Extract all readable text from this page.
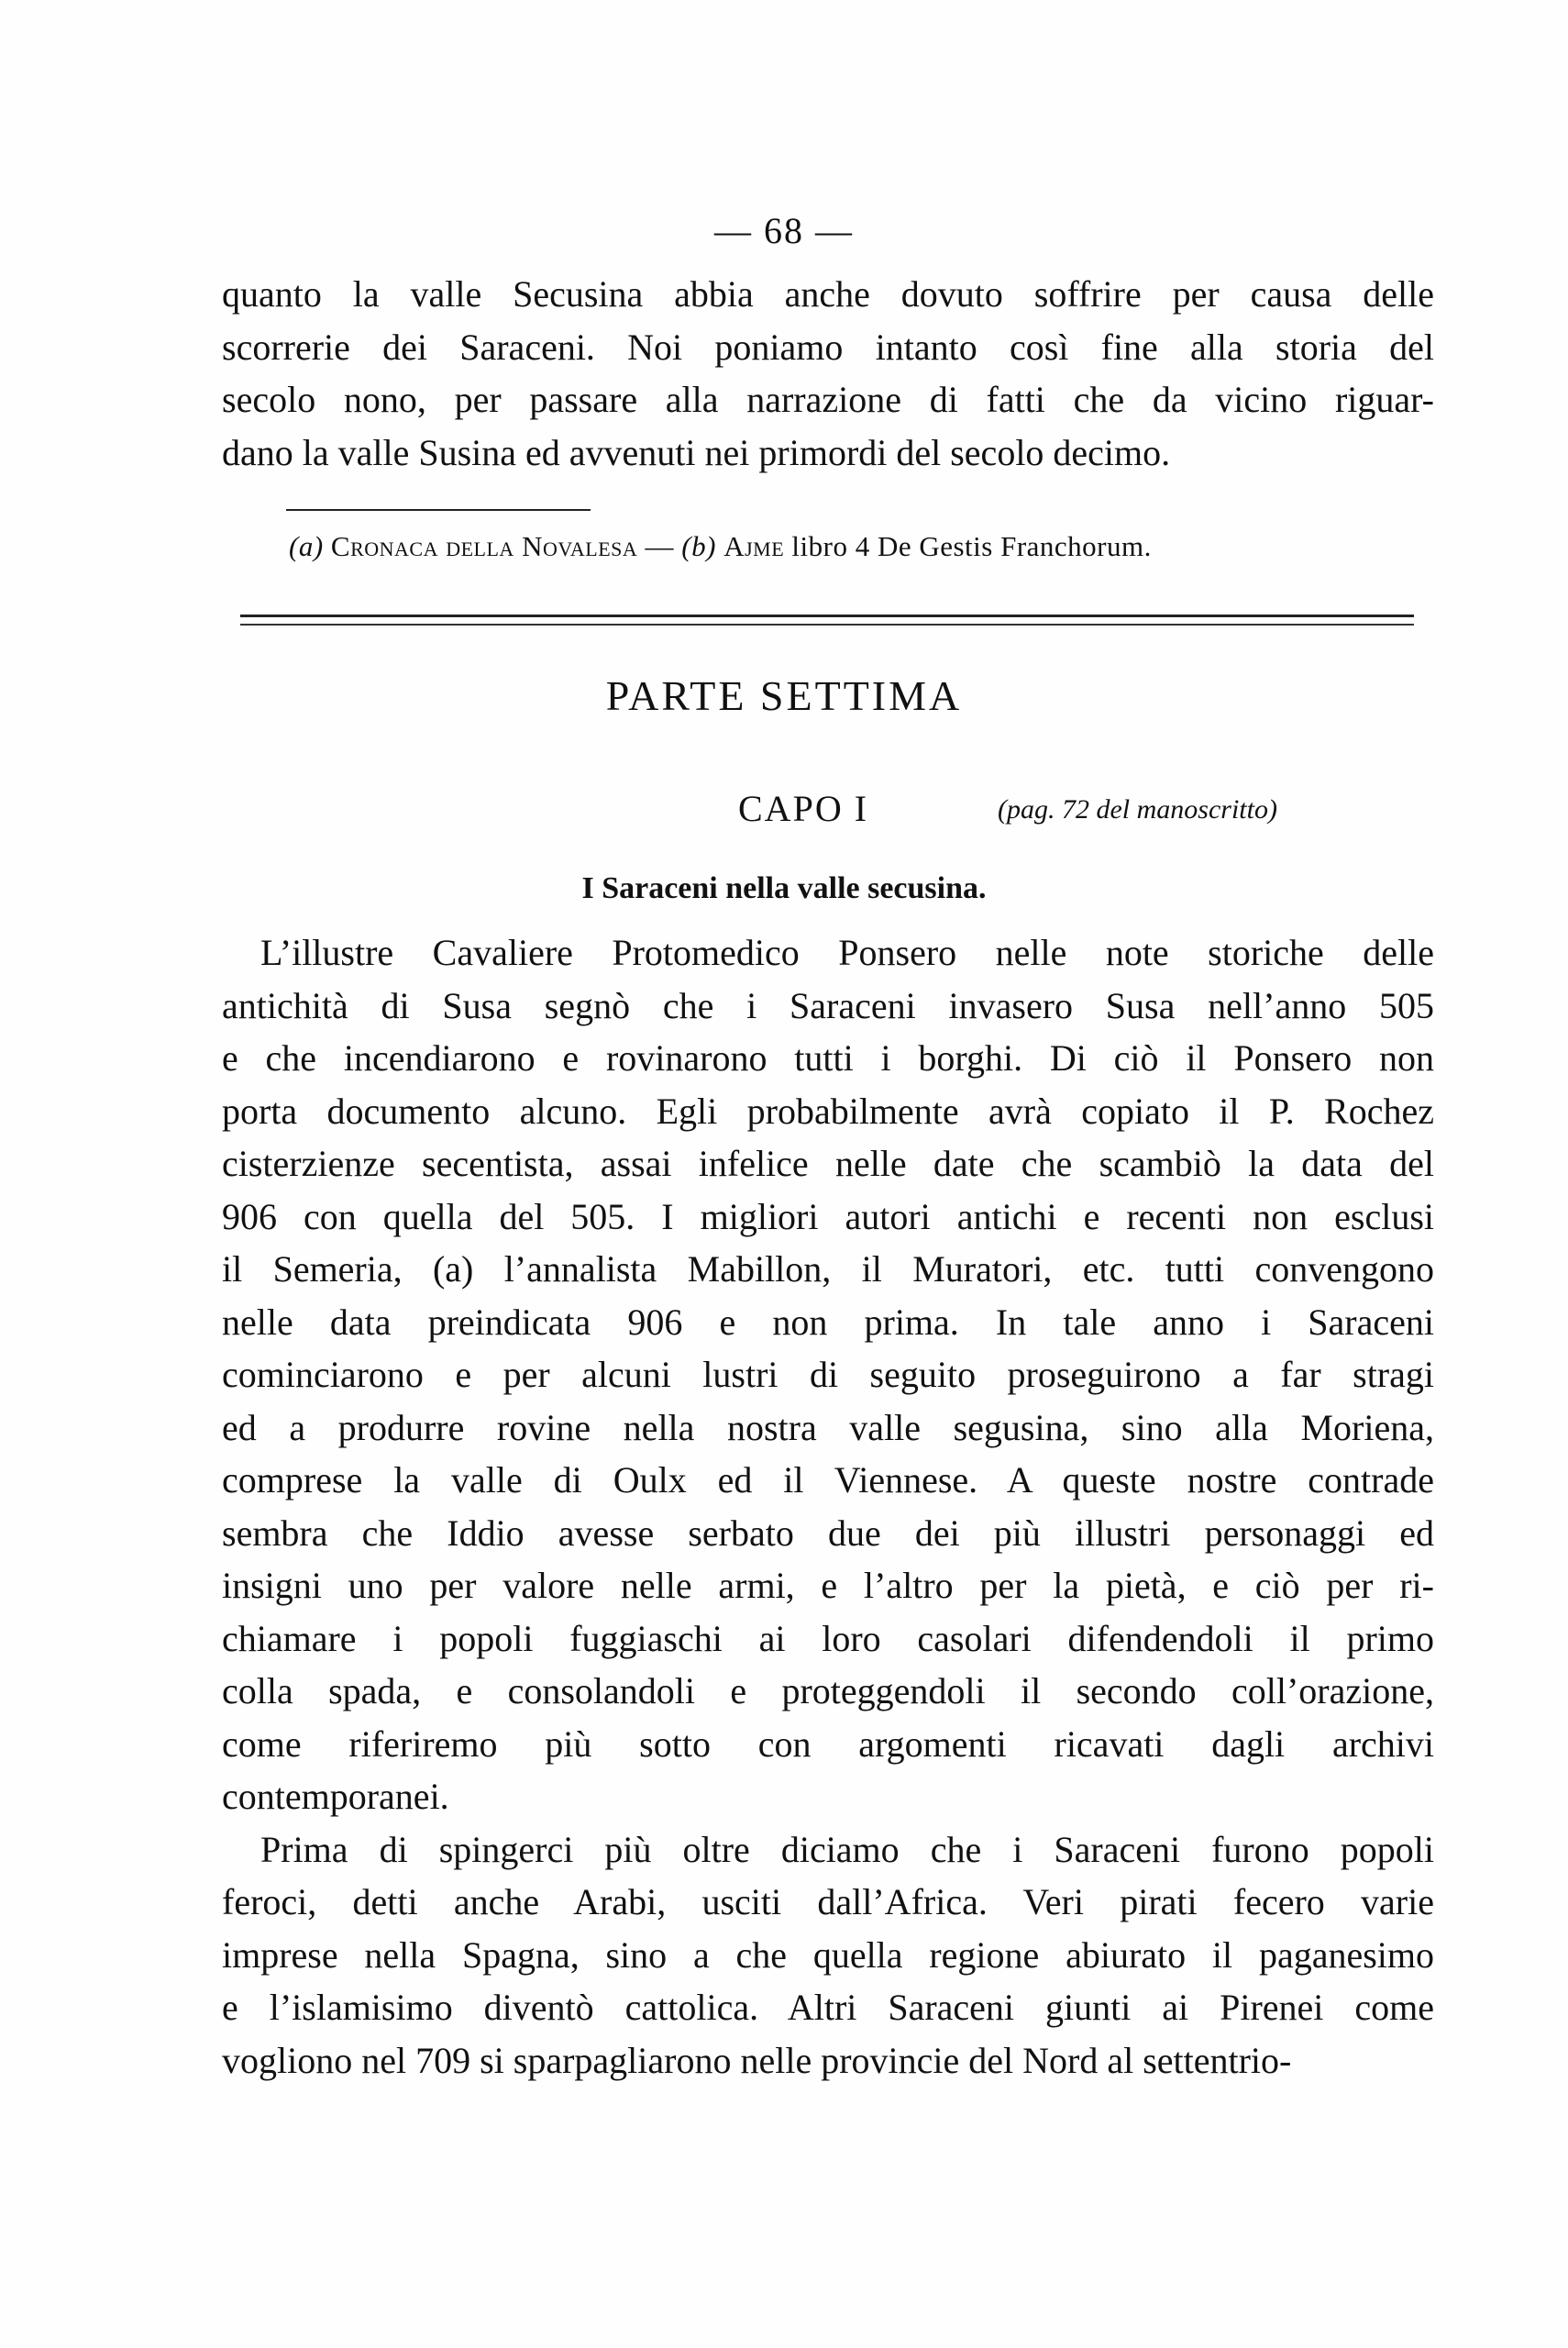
— 68 —
quanto la valle Secusina abbia anche dovuto soffrire per causa delle
scorrerie dei Saraceni. Noi poniamo intanto così fine alla storia del
secolo nono, per passare alla narrazione di fatti che da vicino riguar-
dano la valle Susina ed avvenuti nei primordi del secolo decimo.
(a) Cronaca della Novalesa — (b) Ajme libro 4 De Gestis Franchorum.
PARTE SETTIMA
CAPO I	(pag. 72 del manoscritto)
I Saraceni nella valle secusina.
L’illustre Cavaliere Protomedico Ponsero nelle note storiche delle
antichità di Susa segnò che i Saraceni invasero Susa nell’anno 505
e che incendiarono e rovinarono tutti i borghi. Di ciò il Ponsero non
porta documento alcuno. Egli probabilmente avrà copiato il P. Rochez
cisterzienze secentista, assai infelice nelle date che scambiò la data del
906 con quella del 505. I migliori autori antichi e recenti non esclusi
il Semeria, (a) l’annalista Mabillon, il Muratori, etc. tutti convengono
nelle data preindicata 906 e non prima. In tale anno i Saraceni
cominciarono e per alcuni lustri di seguito proseguirono a far stragi
ed a produrre rovine nella nostra valle segusina, sino alla Moriena,
comprese la valle di Oulx ed il Viennese. A queste nostre contrade
sembra che Iddio avesse serbato due dei più illustri personaggi ed
insigni uno per valore nelle armi, e l’altro per la pietà, e ciò per ri-
chiamare i popoli fuggiaschi ai loro casolari difendendoli il primo
colla spada, e consolandoli e proteggendoli il secondo coll’orazione,
come riferiremo più sotto con argomenti ricavati dagli archivi
contemporanei.
Prima di spingerci più oltre diciamo che i Saraceni furono popoli
feroci, detti anche Arabi, usciti dall’Africa. Veri pirati fecero varie
imprese nella Spagna, sino a che quella regione abiurato il paganesimo
e l’islamisimo diventò cattolica. Altri Saraceni giunti ai Pirenei come
vogliono nel 709 si sparpagliarono nelle provincie del Nord al settentrio-
